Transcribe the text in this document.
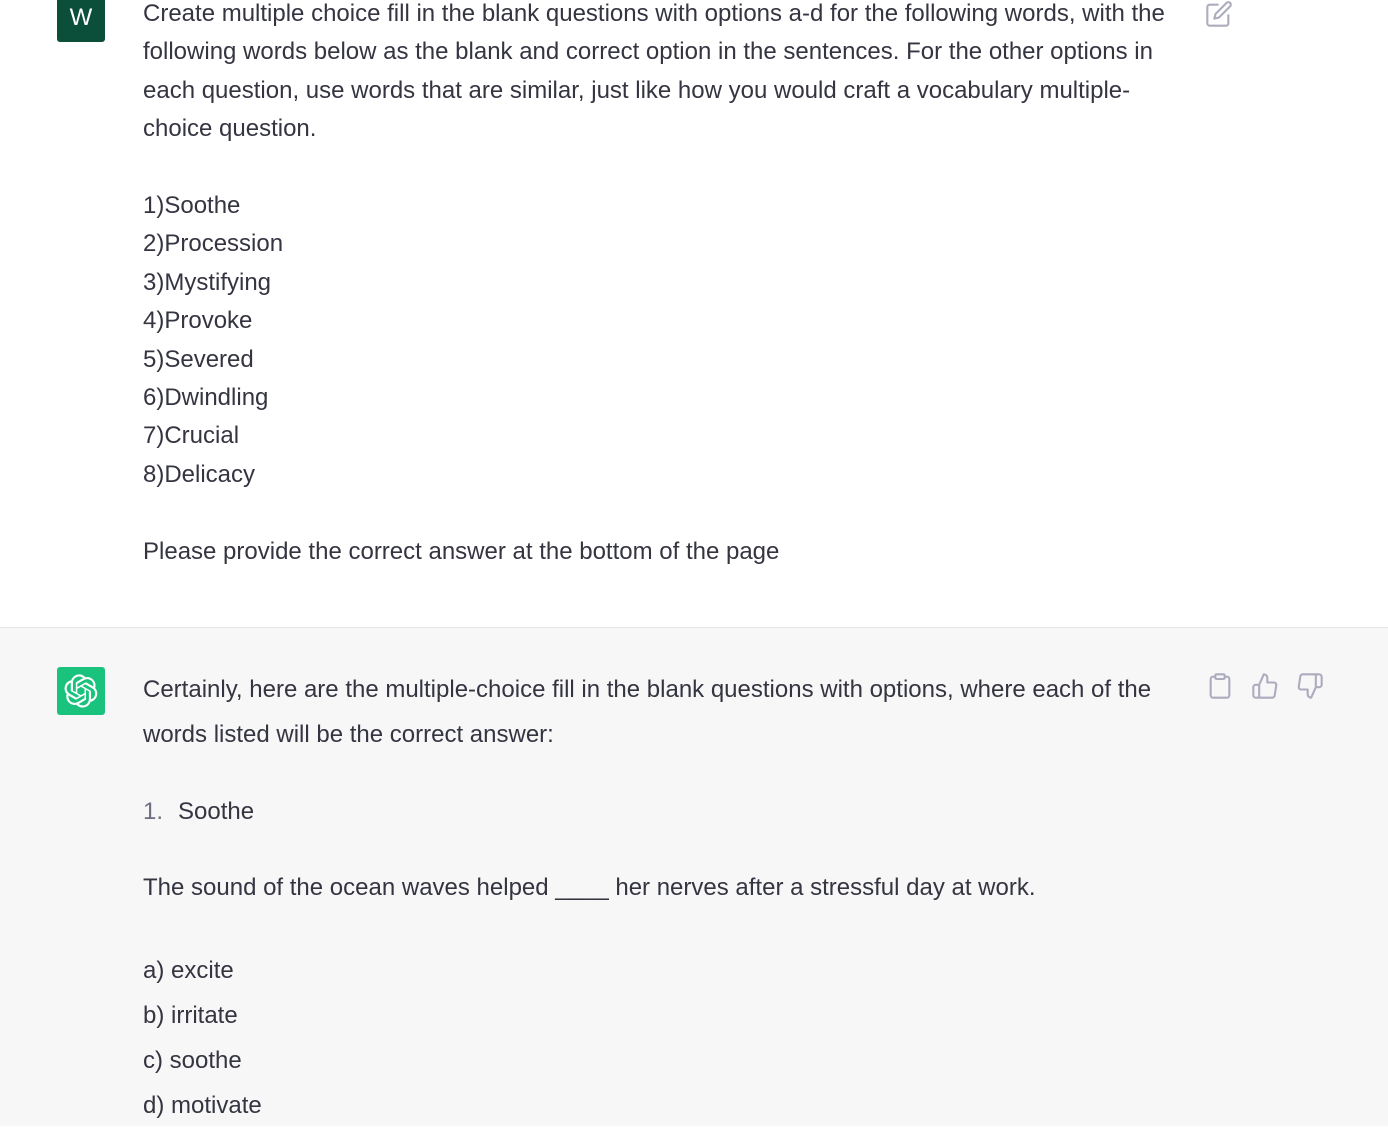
W Create multiple choice fill in the blank questions with options a-d for the following words, with the following words below as the blank and correct option in the sentences. For the other options in each question, use words that are similar, just like how you would craft a vocabulary multiple-choice question.

1)Soothe

2)Procession

3)Mystifying

4)Provoke

5)Severed

6)Dwindling

7)Crucial

8)Delicacy

Please provide the correct answer at the bottom of the page

Certainly, here are the multiple-choice fill in the blank questions with options, where each of the words listed will be the correct answer:
1. Soothe
The sound of the ocean waves helped ____ her nerves after a stressful day at work.

a) excite

b) irritate

c) soothe

d) motivate
